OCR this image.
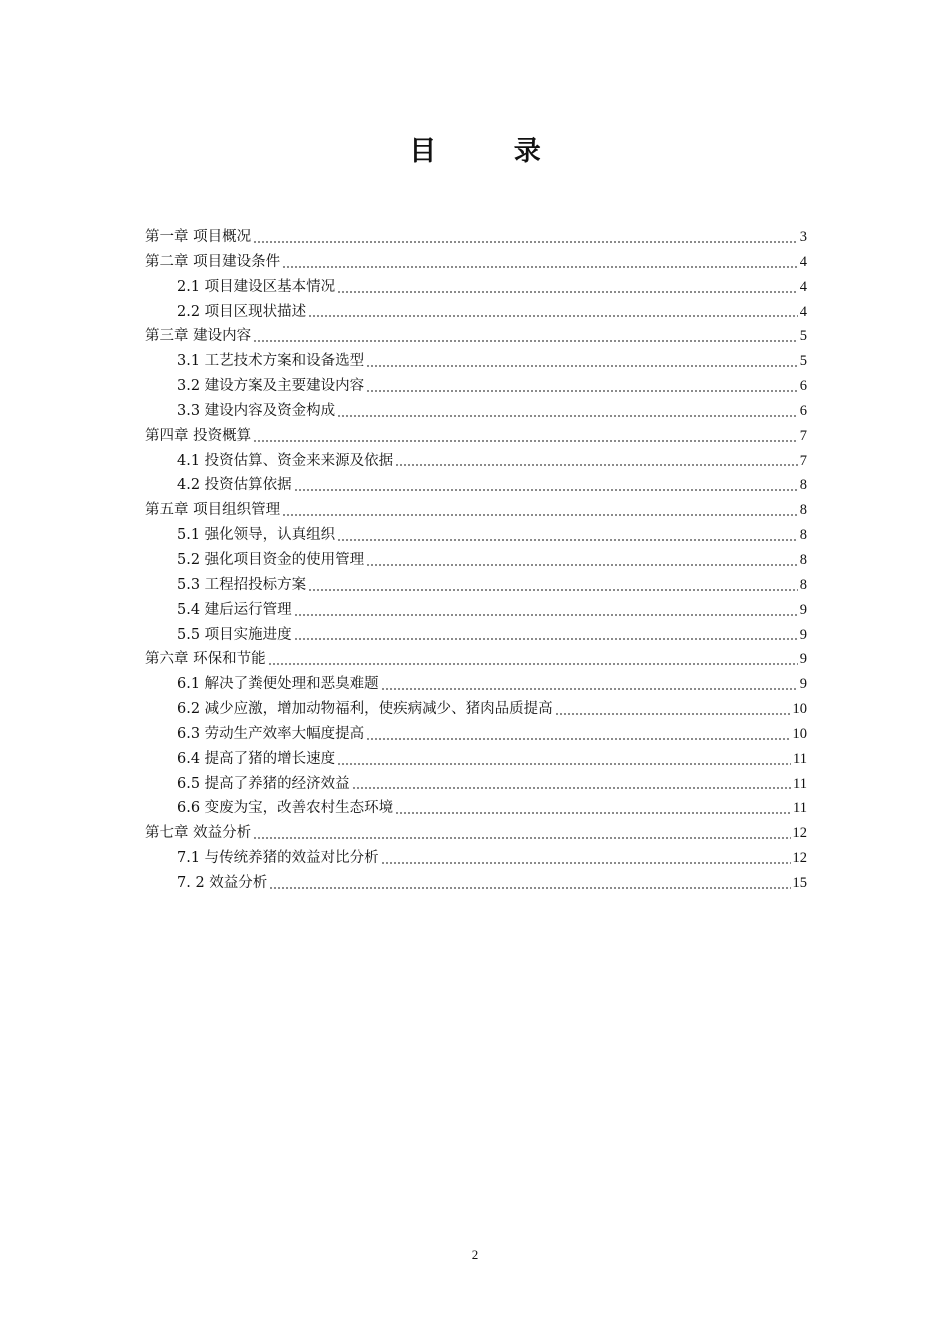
目 录
第一章 项目概况	3
第二章 项目建设条件	4
2.1 项目建设区基本情况	4
2.2 项目区现状描述	4
第三章 建设内容	5
3.1 工艺技术方案和设备选型	5
3.2 建设方案及主要建设内容	6
3.3 建设内容及资金构成	6
第四章 投资概算	7
4.1 投资估算、资金来来源及依据	7
4.2 投资估算依据	8
第五章 项目组织管理	8
5.1 强化领导，认真组织	8
5.2 强化项目资金的使用管理	8
5.3 工程招投标方案	8
5.4 建后运行管理	9
5.5 项目实施进度	9
第六章 环保和节能	9
6.1 解决了粪便处理和恶臭难题	9
6.2 减少应激，增加动物福利，使疾病减少、猪肉品质提高	10
6.3 劳动生产效率大幅度提高	10
6.4 提高了猪的增长速度	11
6.5 提高了养猪的经济效益	11
6.6 变废为宝，改善农村生态环境	11
第七章 效益分析	12
7.1 与传统养猪的效益对比分析	12
7. 2 效益分析	15
2
